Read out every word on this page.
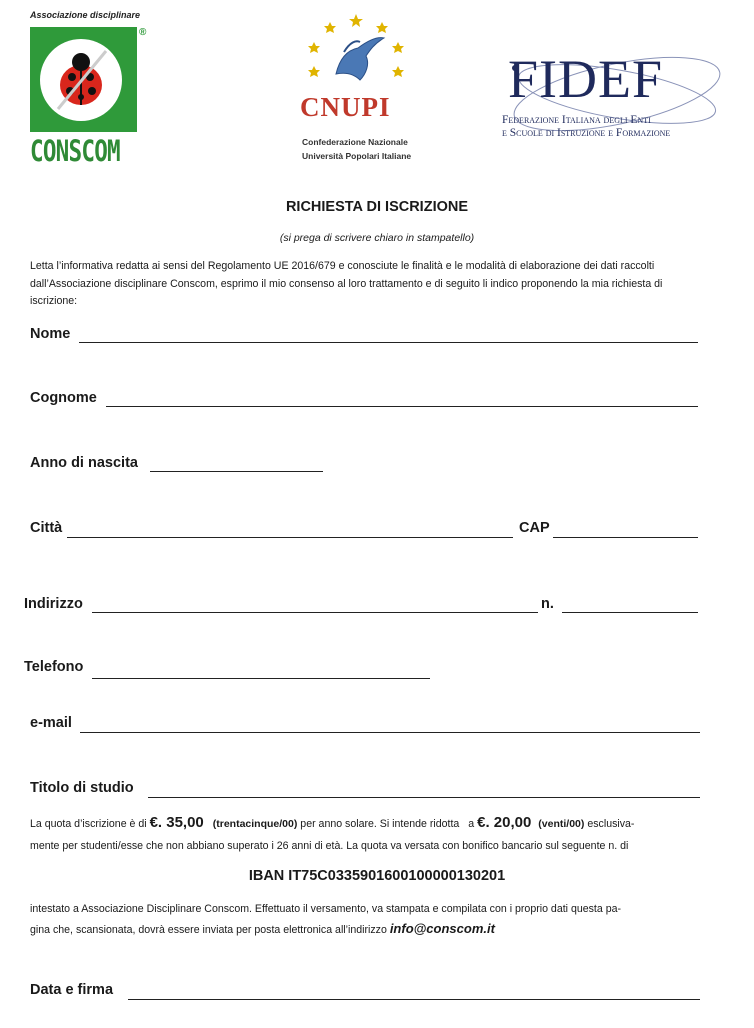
Associazione disciplinare
®
CONSCOM
CNUPI
Confederazione Nazionale
Università Popolari Italiane
FIDEF
Federazione Italiana degli Enti
e Scuole di Istruzione e Formazione
RICHIESTA DI ISCRIZIONE
(si prega di scrivere chiaro in stampatello)
Letta l’informativa redatta ai sensi del Regolamento UE 2016/679 e conosciute le finalità e le modalità di elaborazione dei dati raccolti dall’Associazione disciplinare Conscom, esprimo il mio consenso al loro trattamento e di seguito li indico proponendo la mia richiesta di iscrizione:
Nome
Cognome
Anno di nascita
Città	CAP
Indirizzo	n.
Telefono
e-mail
Titolo di studio
La quota d’iscrizione è di €. 35,00 (trentacinque/00) per anno solare. Si intende ridotta a €. 20,00 (venti/00) esclusiva-
mente per studenti/esse che non abbiano superato i 26 anni di età. La quota va versata con bonifico bancario sul seguente n. di
IBAN IT75C0335901600100000130201
intestato a Associazione Disciplinare Conscom. Effettuato il versamento, va stampata e compilata con i proprio dati questa pa-
gina che, scansionata, dovrà essere inviata per posta elettronica all’indirizzo info@conscom.it
Data e firma
